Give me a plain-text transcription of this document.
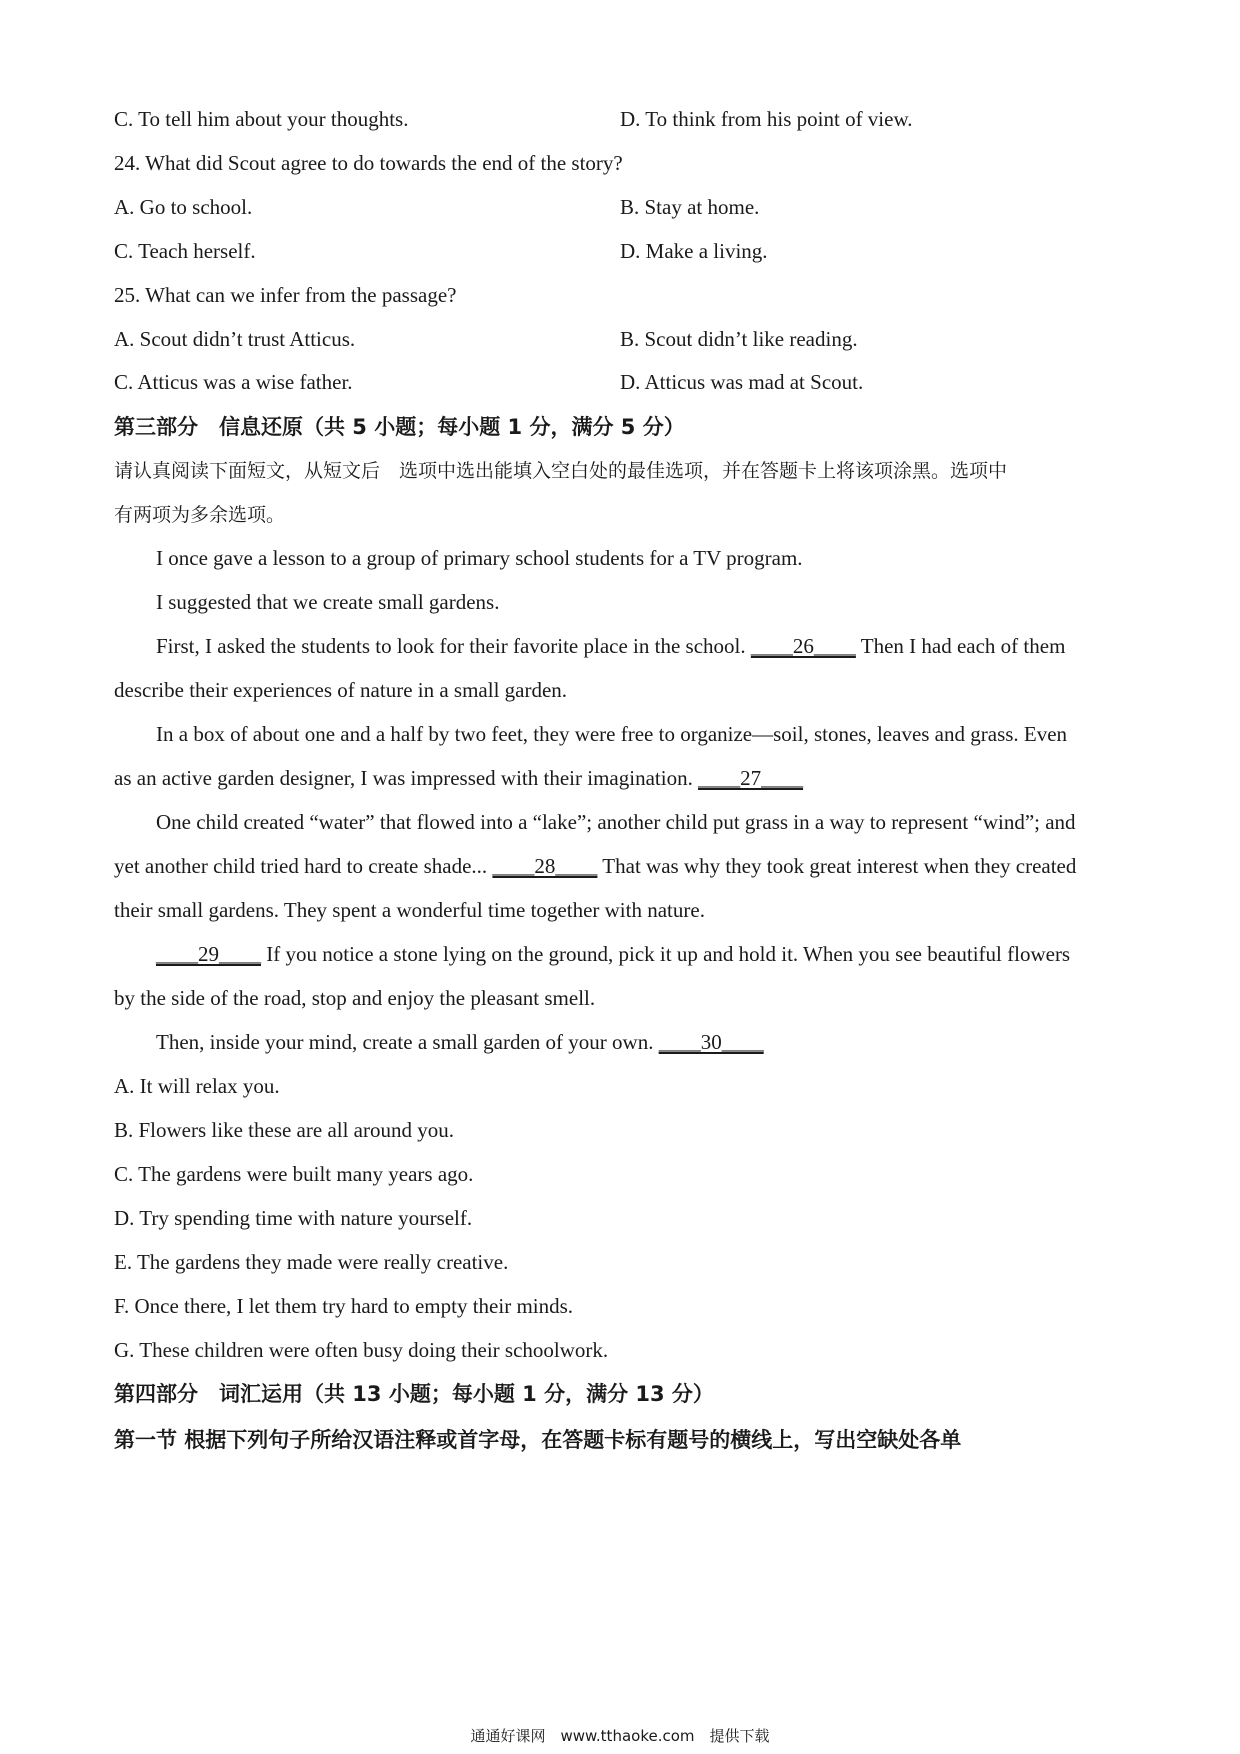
C. To tell him about your thoughts.	D. To think from his point of view.
24. What did Scout agree to do towards the end of the story?
A. Go to school.	B. Stay at home.
C. Teach herself.	D. Make a living.
25. What can we infer from the passage?
A. Scout didn’t trust Atticus.	B. Scout didn’t like reading.
C. Atticus was a wise father.	D. Atticus was mad at Scout.
第三部分　信息还原（共 5 小题；每小题 1 分，满分 5 分）
请认真阅读下面短文，从短文后　选项中选出能填入空白处的最佳选项，并在答题卡上将该项涂黑。选项中
有两项为多余选项。
I once gave a lesson to a group of primary school students for a TV program.
I suggested that we create small gardens.
First, I asked the students to look for their favorite place in the school. ____26____ Then I had each of them
describe their experiences of nature in a small garden.
In a box of about one and a half by two feet, they were free to organize—soil, stones, leaves and grass. Even
as an active garden designer, I was impressed with their imagination. ____27____
One child created “water” that flowed into a “lake”; another child put grass in a way to represent “wind”; and
yet another child tried hard to create shade... ____28____ That was why they took great interest when they created
their small gardens. They spent a wonderful time together with nature.
____29____ If you notice a stone lying on the ground, pick it up and hold it. When you see beautiful flowers
by the side of the road, stop and enjoy the pleasant smell.
Then, inside your mind, create a small garden of your own. ____30____
A. It will relax you.
B. Flowers like these are all around you.
C. The gardens were built many years ago.
D. Try spending time with nature yourself.
E. The gardens they made were really creative.
F. Once there, I let them try hard to empty their minds.
G. These children were often busy doing their schoolwork.
第四部分　词汇运用（共 13 小题；每小题 1 分，满分 13 分）
第一节 根据下列句子所给汉语注释或首字母，在答题卡标有题号的横线上，写出空缺处各单
通通好课网　www.tthaoke.com　提供下载
